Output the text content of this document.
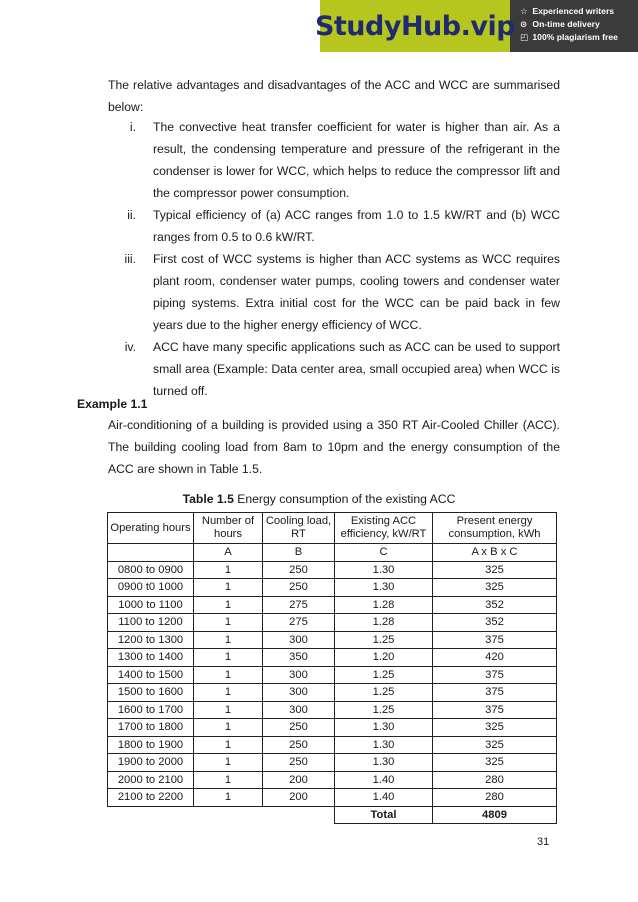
StudyHub.vip ☆ Experienced writers
⊙ On-time delivery
◰ 100% plagiarism free
The relative advantages and disadvantages of the ACC and WCC are summarised below:
i.	The convective heat transfer coefficient for water is higher than air. As a result, the condensing temperature and pressure of the refrigerant in the condenser is lower for WCC, which helps to reduce the compressor lift and the compressor power consumption.
ii.	Typical efficiency of (a) ACC ranges from 1.0 to 1.5 kW/RT and (b) WCC ranges from 0.5 to 0.6 kW/RT.
iii.	First cost of WCC systems is higher than ACC systems as WCC requires plant room, condenser water pumps, cooling towers and condenser water piping systems. Extra initial cost for the WCC can be paid back in few years due to the higher energy efficiency of WCC.
iv.	ACC have many specific applications such as ACC can be used to support small area (Example: Data center area, small occupied area) when WCC is turned off.
Example 1.1
Air-conditioning of a building is provided using a 350 RT Air-Cooled Chiller (ACC). The building cooling load from 8am to 10pm and the energy consumption of the ACC are shown in Table 1.5.
Table 1.5 Energy consumption of the existing ACC
Operating hours	Number of hours	Cooling load, RT	Existing ACC efficiency, kW/RT	Present energy consumption, kWh
	A	B	C	A x B x C
0800 to 0900	1	250	1.30	325
0900 t0 1000	1	250	1.30	325
1000 to 1100	1	275	1.28	352
1100 to 1200	1	275	1.28	352
1200 to 1300	1	300	1.25	375
1300 to 1400	1	350	1.20	420
1400 to 1500	1	300	1.25	375
1500 to 1600	1	300	1.25	375
1600 to 1700	1	300	1.25	375
1700 to 1800	1	250	1.30	325
1800 to 1900	1	250	1.30	325
1900 to 2000	1	250	1.30	325
2000 to 2100	1	200	1.40	280
2100 to 2200	1	200	1.40	280
			Total	4809
31
